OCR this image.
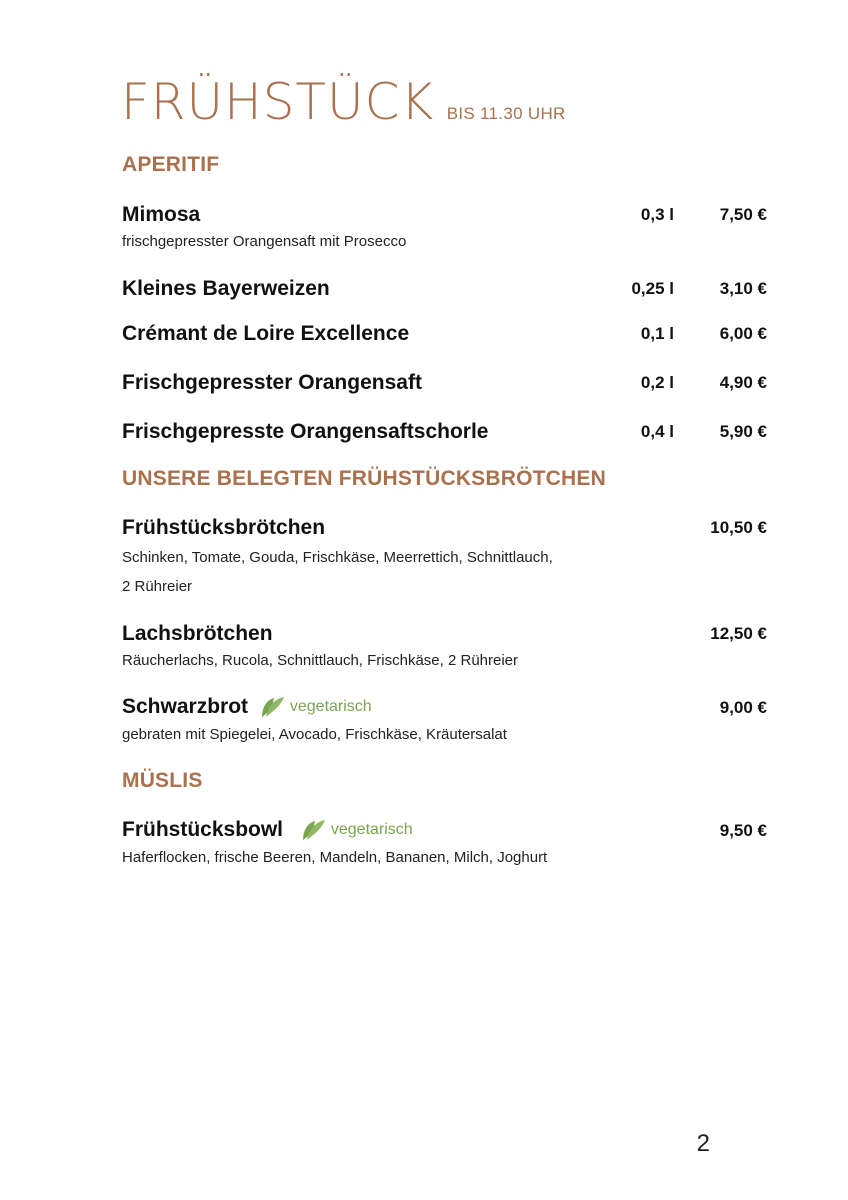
FRÜHSTÜCK BIS 11.30 UHR
APERITIF
Mimosa	0,3 l	7,50 €
frischgepresster Orangensaft mit Prosecco
Kleines Bayerweizen	0,25 l	3,10 €
Crémant de Loire Excellence	0,1 l	6,00 €
Frischgepresster Orangensaft	0,2 l	4,90 €
Frischgepresste Orangensaftschorle	0,4 l	5,90 €
UNSERE BELEGTEN FRÜHSTÜCKSBRÖTCHEN
Frühstücksbrötchen	10,50 €
Schinken, Tomate, Gouda, Frischkäse, Meerrettich, Schnittlauch,
2 Rühreier
Lachsbrötchen	12,50 €
Räucherlachs, Rucola, Schnittlauch, Frischkäse, 2 Rühreier
Schwarzbrot	vegetarisch	9,00 €
gebraten mit Spiegelei, Avocado, Frischkäse, Kräutersalat
MÜSLIS
Frühstücksbowl	vegetarisch	9,50 €
Haferflocken, frische Beeren, Mandeln, Bananen, Milch, Joghurt
2
